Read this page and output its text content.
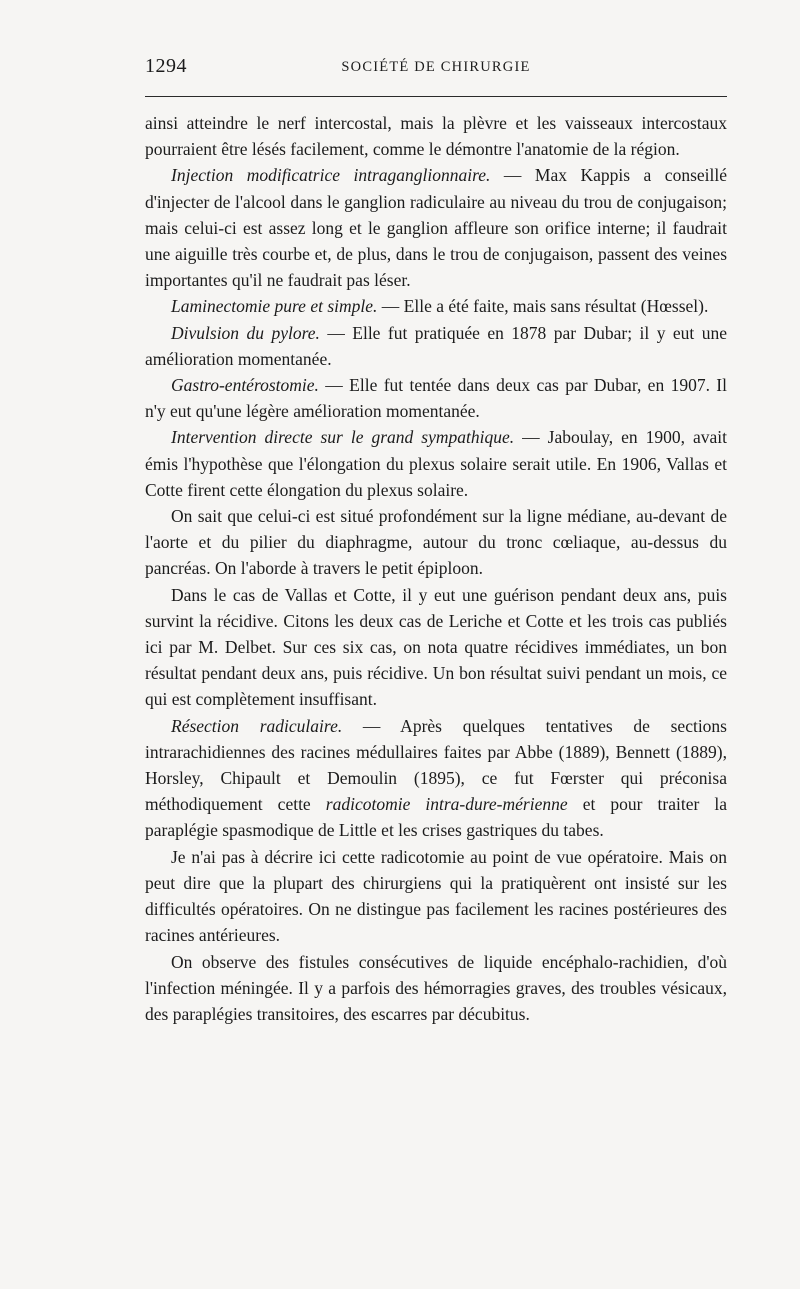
1294	SOCIÉTÉ DE CHIRURGIE

ainsi atteindre le nerf intercostal, mais la plèvre et les vaisseaux intercostaux pourraient être lésés facilement, comme le démontre l'anatomie de la région.

Injection modificatrice intraganglionnaire. — Max Kappis a conseillé d'injecter de l'alcool dans le ganglion radiculaire au niveau du trou de conjugaison; mais celui-ci est assez long et le ganglion affleure son orifice interne; il faudrait une aiguille très courbe et, de plus, dans le trou de conjugaison, passent des veines importantes qu'il ne faudrait pas léser.

Laminectomie pure et simple. — Elle a été faite, mais sans résultat (Hœssel).

Divulsion du pylore. — Elle fut pratiquée en 1878 par Dubar; il y eut une amélioration momentanée.

Gastro-entérostomie. — Elle fut tentée dans deux cas par Dubar, en 1907. Il n'y eut qu'une légère amélioration momentanée.

Intervention directe sur le grand sympathique. — Jaboulay, en 1900, avait émis l'hypothèse que l'élongation du plexus solaire serait utile. En 1906, Vallas et Cotte firent cette élongation du plexus solaire.

On sait que celui-ci est situé profondément sur la ligne médiane, au-devant de l'aorte et du pilier du diaphragme, autour du tronc cœliaque, au-dessus du pancréas. On l'aborde à travers le petit épiploon.

Dans le cas de Vallas et Cotte, il y eut une guérison pendant deux ans, puis survint la récidive. Citons les deux cas de Leriche et Cotte et les trois cas publiés ici par M. Delbet. Sur ces six cas, on nota quatre récidives immédiates, un bon résultat pendant deux ans, puis récidive. Un bon résultat suivi pendant un mois, ce qui est complètement insuffisant.

Résection radiculaire. — Après quelques tentatives de sections intrarachidiennes des racines médullaires faites par Abbe (1889), Bennett (1889), Horsley, Chipault et Demoulin (1895), ce fut Fœrster qui préconisa méthodiquement cette radicotomie intra-dure-mérienne et pour traiter la paraplégie spasmodique de Little et les crises gastriques du tabes.

Je n'ai pas à décrire ici cette radicotomie au point de vue opératoire. Mais on peut dire que la plupart des chirurgiens qui la pratiquèrent ont insisté sur les difficultés opératoires. On ne distingue pas facilement les racines postérieures des racines antérieures.

On observe des fistules consécutives de liquide encéphalo-rachidien, d'où l'infection méningée. Il y a parfois des hémorragies graves, des troubles vésicaux, des paraplégies transitoires, des escarres par décubitus.
